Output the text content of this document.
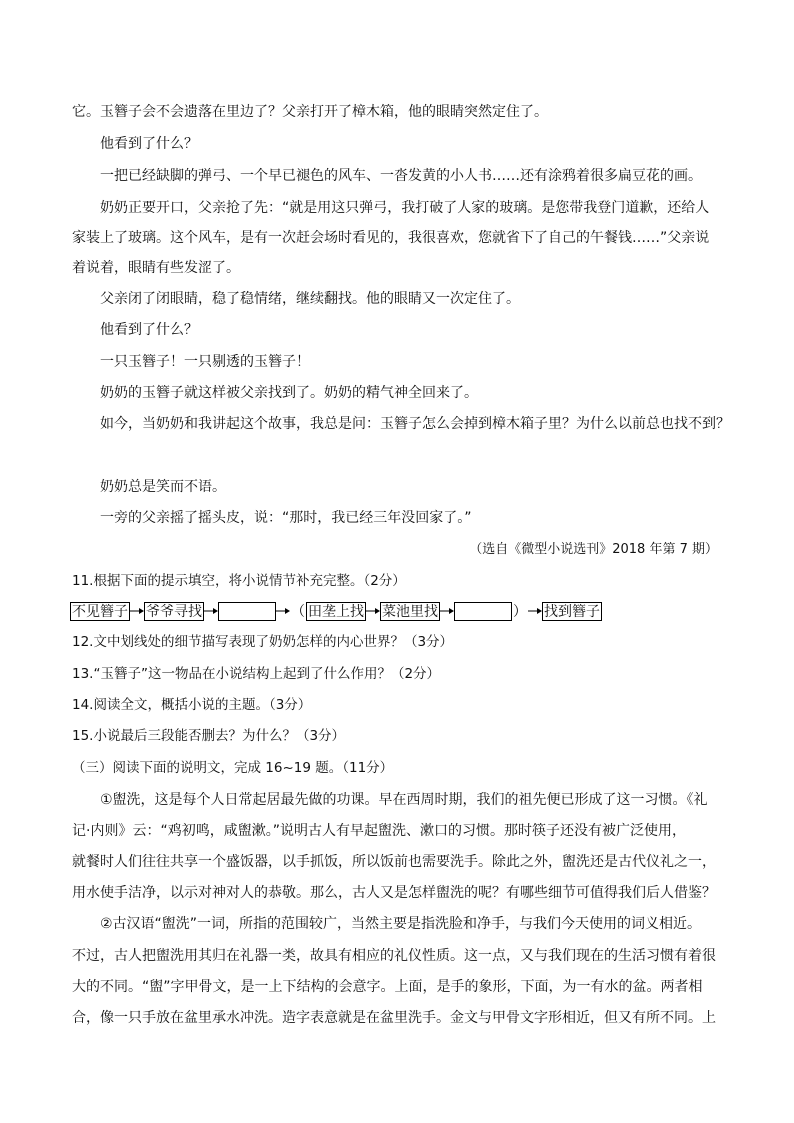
它。玉簪子会不会遗落在里边了？父亲打开了樟木箱，他的眼睛突然定住了。
他看到了什么？
一把已经缺脚的弹弓、一个早已褪色的风车、一沓发黄的小人书……还有涂鸦着很多扁豆花的画。
奶奶正要开口，父亲抢了先：“就是用这只弹弓，我打破了人家的玻璃。是您带我登门道歉，还给人
家装上了玻璃。这个风车，是有一次赶会场时看见的，我很喜欢，您就省下了自己的午餐钱……”父亲说
着说着，眼睛有些发涩了。
父亲闭了闭眼睛，稳了稳情绪，继续翻找。他的眼睛又一次定住了。
他看到了什么？
一只玉簪子！一只剔透的玉簪子！
奶奶的玉簪子就这样被父亲找到了。奶奶的精气神全回来了。
如今，当奶奶和我讲起这个故事，我总是问：玉簪子怎么会掉到樟木箱子里？为什么以前总也找不到？
奶奶总是笑而不语。
一旁的父亲摇了摇头皮，说：“那时，我已经三年没回家了。”
（选自《微型小说选刊》2018 年第 7 期）
11.根据下面的提示填空，将小说情节补充完整。（2分）
不见簪子 爷爷寻找	（ 田垄上找 菜池里找	） 找到簪子
12.文中划线处的细节描写表现了奶奶怎样的内心世界？（3分）
13.“玉簪子”这一物品在小说结构上起到了什么作用？（2分）
14.阅读全文，概括小说的主题。（3分）
15.小说最后三段能否删去？为什么？（3分）
（三）阅读下面的说明文，完成 16~19 题。（11分）
①盥洗，这是每个人日常起居最先做的功课。早在西周时期，我们的祖先便已形成了这一习惯。《礼
记·内则》云：“鸡初鸣，咸盥漱。”说明古人有早起盥洗、漱口的习惯。那时筷子还没有被广泛使用，
就餐时人们往往共享一个盛饭器，以手抓饭，所以饭前也需要洗手。除此之外，盥洗还是古代仪礼之一，
用水使手洁净，以示对神对人的恭敬。那么，古人又是怎样盥洗的呢？有哪些细节可值得我们后人借鉴？
②古汉语“盥洗”一词，所指的范围较广，当然主要是指洗脸和净手，与我们今天使用的词义相近。
不过，古人把盥洗用其归在礼器一类，故具有相应的礼仪性质。这一点，又与我们现在的生活习惯有着很
大的不同。“盥”字甲骨文，是一上下结构的会意字。上面，是手的象形，下面，为一有水的盆。两者相
合，像一只手放在盆里承水冲洗。造字表意就是在盆里洗手。金文与甲骨文字形相近，但又有所不同。上
